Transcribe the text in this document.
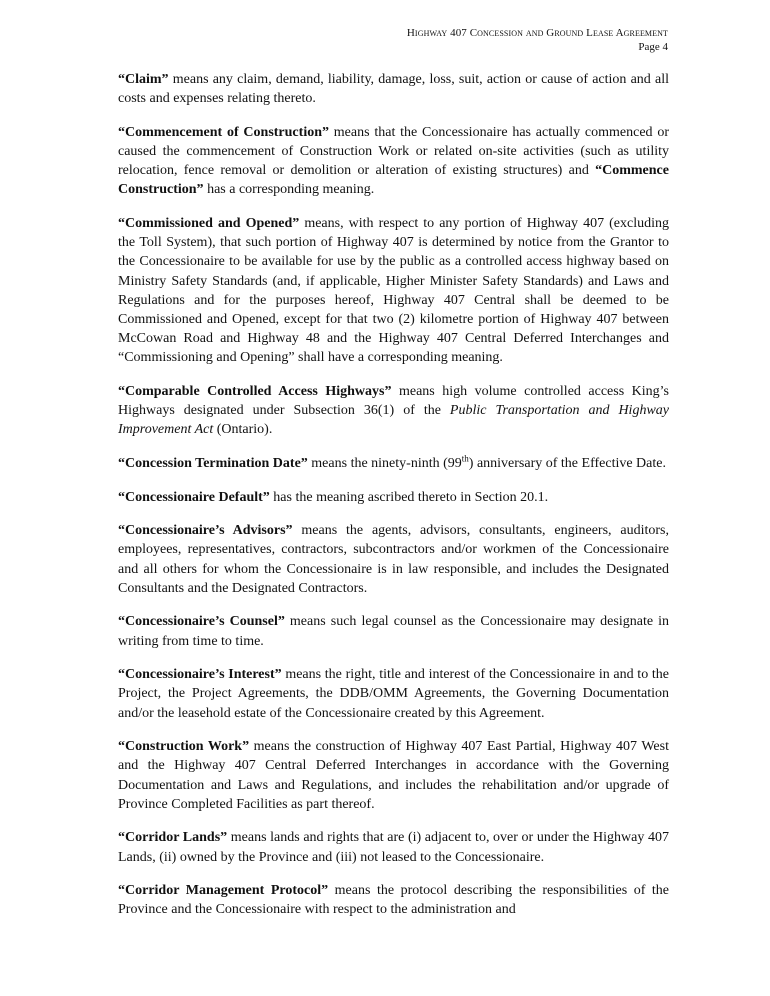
Highway 407 Concession and Ground Lease Agreement
Page 4

“Claim” means any claim, demand, liability, damage, loss, suit, action or cause of action and all costs and expenses relating thereto.

“Commencement of Construction” means that the Concessionaire has actually commenced or caused the commencement of Construction Work or related on-site activities (such as utility relocation, fence removal or demolition or alteration of existing structures) and “Commence Construction” has a corresponding meaning.

“Commissioned and Opened” means, with respect to any portion of Highway 407 (excluding the Toll System), that such portion of Highway 407 is determined by notice from the Grantor to the Concessionaire to be available for use by the public as a controlled access highway based on Ministry Safety Standards (and, if applicable, Higher Minister Safety Standards) and Laws and Regulations and for the purposes hereof, Highway 407 Central shall be deemed to be Commissioned and Opened, except for that two (2) kilometre portion of Highway 407 between McCowan Road and Highway 48 and the Highway 407 Central Deferred Interchanges and “Commissioning and Opening” shall have a corresponding meaning.

“Comparable Controlled Access Highways” means high volume controlled access King’s Highways designated under Subsection 36(1) of the Public Transportation and Highway Improvement Act (Ontario).

“Concession Termination Date” means the ninety-ninth (99th) anniversary of the Effective Date.

“Concessionaire Default” has the meaning ascribed thereto in Section 20.1.

“Concessionaire’s Advisors” means the agents, advisors, consultants, engineers, auditors, employees, representatives, contractors, subcontractors and/or workmen of the Concessionaire and all others for whom the Concessionaire is in law responsible, and includes the Designated Consultants and the Designated Contractors.

“Concessionaire’s Counsel” means such legal counsel as the Concessionaire may designate in writing from time to time.

“Concessionaire’s Interest” means the right, title and interest of the Concessionaire in and to the Project, the Project Agreements, the DDB/OMM Agreements, the Governing Documentation and/or the leasehold estate of the Concessionaire created by this Agreement.

“Construction Work” means the construction of Highway 407 East Partial, Highway 407 West and the Highway 407 Central Deferred Interchanges in accordance with the Governing Documentation and Laws and Regulations, and includes the rehabilitation and/or upgrade of Province Completed Facilities as part thereof.

“Corridor Lands” means lands and rights that are (i) adjacent to, over or under the Highway 407 Lands, (ii) owned by the Province and (iii) not leased to the Concessionaire.

“Corridor Management Protocol” means the protocol describing the responsibilities of the Province and the Concessionaire with respect to the administration and
